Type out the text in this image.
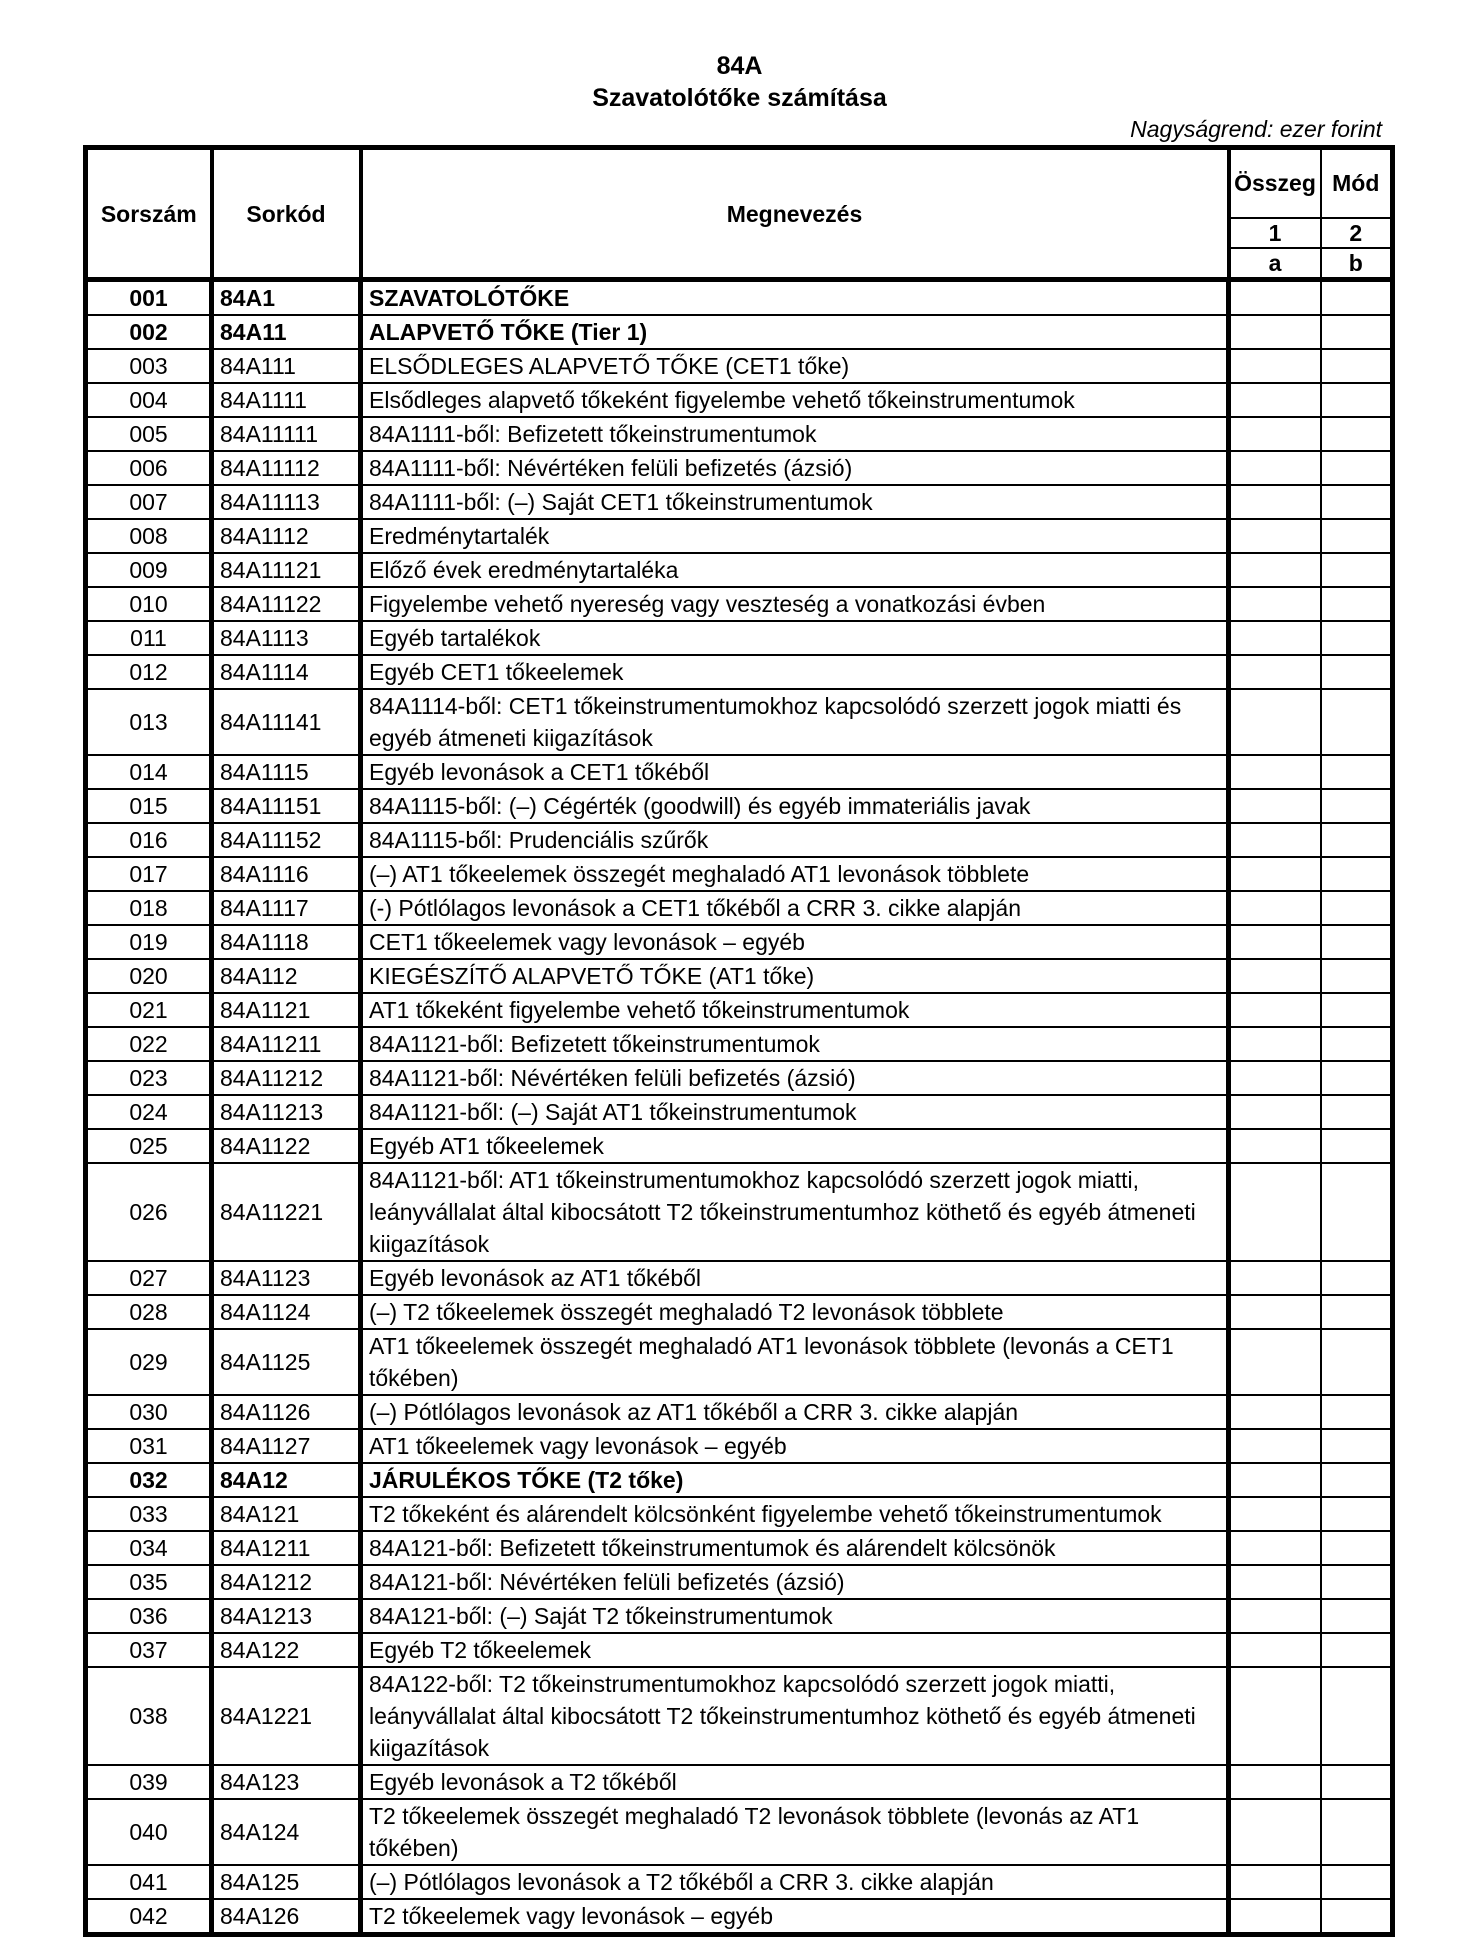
84A
Szavatolótőke számítása
Nagyságrend: ezer forint
Sorszám	Sorkód	Megnevezés	Összeg	Mód
			1	2
			a	b
001	84A1	SZAVATOLÓTŐKE		
002	84A11	ALAPVETŐ TŐKE (Tier 1)		
003	84A111	ELSŐDLEGES ALAPVETŐ TŐKE (CET1 tőke)		
004	84A1111	Elsődleges alapvető tőkeként figyelembe vehető tőkeinstrumentumok		
005	84A11111	84A1111-ből: Befizetett tőkeinstrumentumok		
006	84A11112	84A1111-ből: Névértéken felüli befizetés (ázsió)		
007	84A11113	84A1111-ből: (–) Saját CET1 tőkeinstrumentumok		
008	84A1112	Eredménytartalék		
009	84A11121	Előző évek eredménytartaléka		
010	84A11122	Figyelembe vehető nyereség vagy veszteség a vonatkozási évben		
011	84A1113	Egyéb tartalékok		
012	84A1114	Egyéb CET1 tőkeelemek		
013	84A11141	84A1114-ből: CET1 tőkeinstrumentumokhoz kapcsolódó szerzett jogok miatti és egyéb átmeneti kiigazítások		
014	84A1115	Egyéb levonások a CET1 tőkéből		
015	84A11151	84A1115-ből: (–) Cégérték (goodwill) és egyéb immateriális javak		
016	84A11152	84A1115-ből: Prudenciális szűrők		
017	84A1116	(–) AT1 tőkeelemek összegét meghaladó AT1 levonások többlete		
018	84A1117	(-) Pótlólagos levonások a CET1 tőkéből a CRR 3. cikke alapján		
019	84A1118	CET1 tőkeelemek vagy levonások – egyéb		
020	84A112	KIEGÉSZÍTŐ ALAPVETŐ TŐKE (AT1 tőke)		
021	84A1121	AT1 tőkeként figyelembe vehető tőkeinstrumentumok		
022	84A11211	84A1121-ből: Befizetett tőkeinstrumentumok		
023	84A11212	84A1121-ből: Névértéken felüli befizetés (ázsió)		
024	84A11213	84A1121-ből: (–) Saját AT1 tőkeinstrumentumok		
025	84A1122	Egyéb AT1 tőkeelemek		
026	84A11221	84A1121-ből: AT1 tőkeinstrumentumokhoz kapcsolódó szerzett jogok miatti, leányvállalat által kibocsátott T2 tőkeinstrumentumhoz köthető és egyéb átmeneti kiigazítások		
027	84A1123	Egyéb levonások az AT1 tőkéből		
028	84A1124	(–) T2 tőkeelemek összegét meghaladó T2 levonások többlete		
029	84A1125	AT1 tőkeelemek összegét meghaladó AT1 levonások többlete (levonás a CET1 tőkében)		
030	84A1126	(–) Pótlólagos levonások az AT1 tőkéből a CRR 3. cikke alapján		
031	84A1127	AT1 tőkeelemek vagy levonások – egyéb		
032	84A12	JÁRULÉKOS TŐKE (T2 tőke)		
033	84A121	T2 tőkeként és alárendelt kölcsönként figyelembe vehető tőkeinstrumentumok		
034	84A1211	84A121-ből: Befizetett tőkeinstrumentumok és alárendelt kölcsönök		
035	84A1212	84A121-ből: Névértéken felüli befizetés (ázsió)		
036	84A1213	84A121-ből: (–) Saját T2 tőkeinstrumentumok		
037	84A122	Egyéb T2 tőkeelemek		
038	84A1221	84A122-ből: T2 tőkeinstrumentumokhoz kapcsolódó szerzett jogok miatti, leányvállalat által kibocsátott T2 tőkeinstrumentumhoz köthető és egyéb átmeneti kiigazítások		
039	84A123	Egyéb levonások a T2 tőkéből		
040	84A124	T2 tőkeelemek összegét meghaladó T2 levonások többlete (levonás az AT1 tőkében)		
041	84A125	(–) Pótlólagos levonások a T2 tőkéből a CRR 3. cikke alapján		
042	84A126	T2 tőkeelemek vagy levonások – egyéb		
